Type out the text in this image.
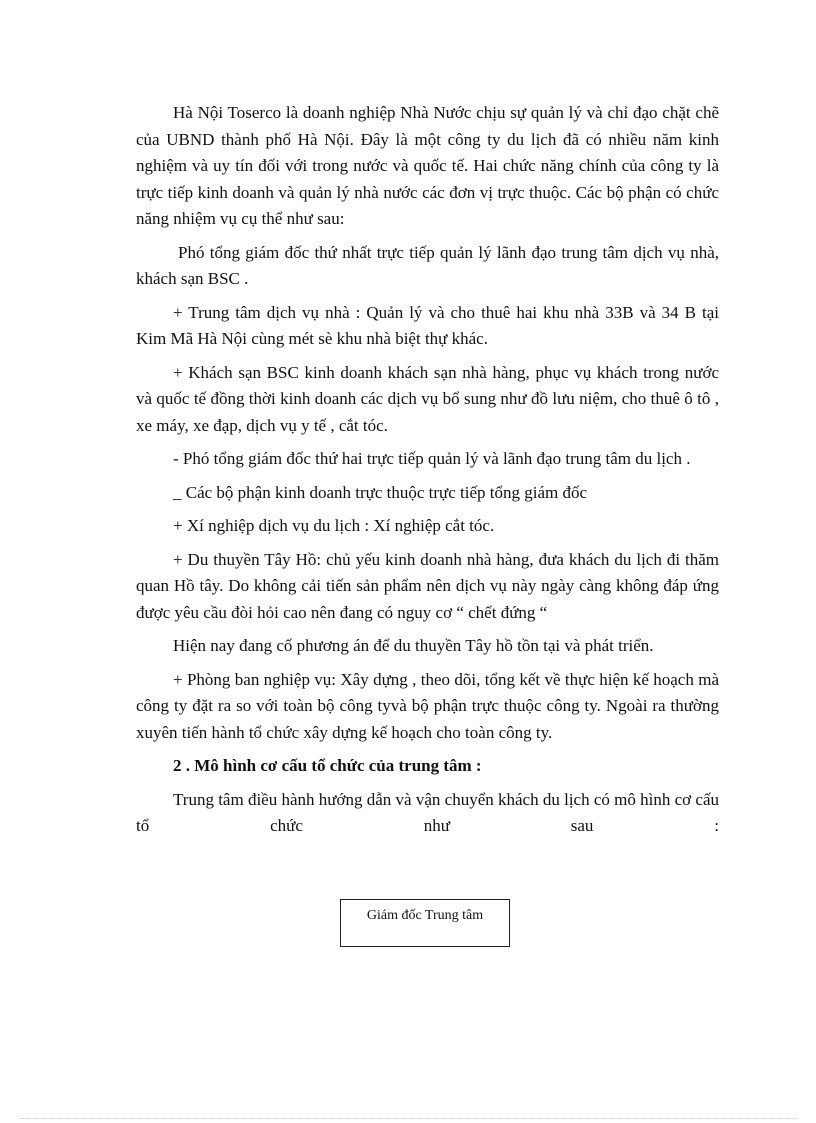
Hà Nội Toserco là doanh nghiệp Nhà Nước chịu sự quản lý và chỉ đạo chặt chẽ của UBND thành phố Hà Nội. Đây là một công ty du lịch đã có nhiều năm kinh nghiệm và uy tín đối với trong nước và quốc tế. Hai chức năng chính của công ty là trực tiếp kinh doanh và quản lý nhà nước các đơn vị trực thuộc. Các bộ phận có chức năng nhiệm vụ cụ thể như sau:

Phó tổng giám đốc thứ nhất trực tiếp quản lý lãnh đạo trung tâm dịch vụ nhà, khách sạn BSC .

+ Trung tâm dịch vụ nhà : Quản lý và cho thuê hai khu nhà 33B và 34 B tại Kim Mã Hà Nội cùng mét sè khu nhà biệt thự khác.

+ Khách sạn BSC kinh doanh khách sạn nhà hàng, phục vụ khách trong nước và quốc tế đồng thời kinh doanh các dịch vụ bổ sung như đồ lưu niệm, cho thuê ô tô , xe máy, xe đạp, dịch vụ y tế , cắt tóc.

- Phó tổng giám đốc thứ hai trực tiếp quản lý và lãnh đạo trung tâm du lịch .

_ Các bộ phận kinh doanh trực thuộc trực tiếp tổng giám đốc

+ Xí nghiệp dịch vụ du lịch : Xí nghiệp cắt tóc.

+ Du thuyền Tây Hồ: chủ yếu kinh doanh nhà hàng, đưa khách du lịch đi thăm quan Hồ tây. Do không cải tiến sản phẩm nên dịch vụ này ngày càng không đáp ứng được yêu cầu đòi hỏi cao nên đang có nguy cơ “ chết đứng “

Hiện nay đang cố phương án để du thuyền Tây hồ tồn tại và phát triển.

+ Phòng ban nghiệp vụ: Xây dựng , theo dõi, tổng kết về thực hiện kế hoạch mà công ty đặt ra so với toàn bộ công tyvà bộ phận trực thuộc công ty. Ngoài ra thường xuyên tiến hành tổ chức xây dựng kế hoạch cho toàn công ty.

2 . Mô hình cơ cấu tổ chức của trung tâm :

Trung tâm điều hành hướng dẫn và vận chuyển khách du lịch có mô hình cơ cấu tổ chức như sau :

Giám đốc Trung tâm
